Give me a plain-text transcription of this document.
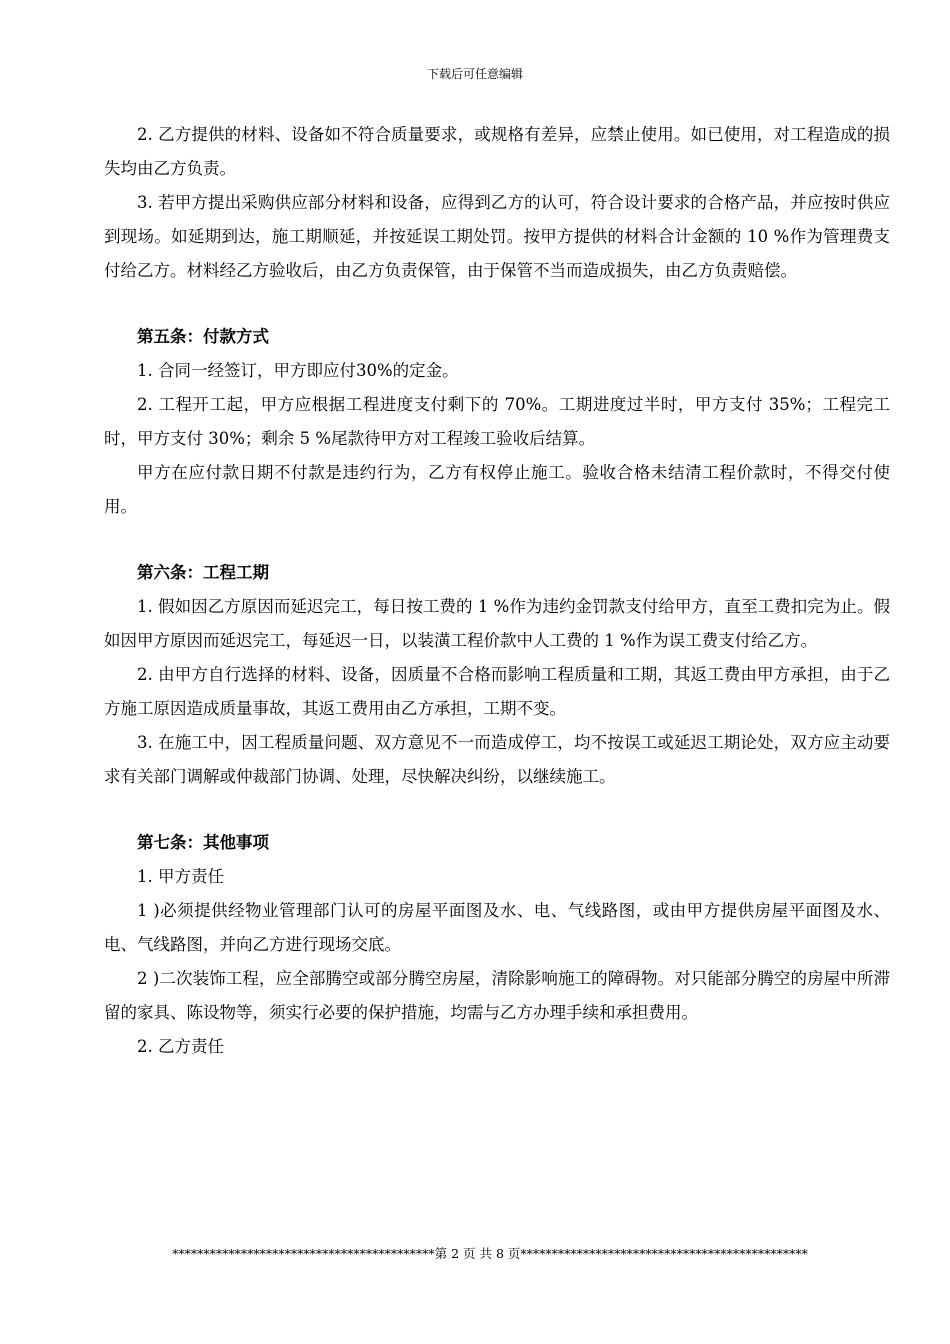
下载后可任意编辑

2. 乙方提供的材料、设备如不符合质量要求，或规格有差异，应禁止使用。如已使用，对工程造成的损失均由乙方负责。

3. 若甲方提出采购供应部分材料和设备，应得到乙方的认可，符合设计要求的合格产品，并应按时供应到现场。如延期到达，施工期顺延，并按延误工期处罚。按甲方提供的材料合计金额的 10 %作为管理费支付给乙方。材料经乙方验收后，由乙方负责保管，由于保管不当而造成损失，由乙方负责赔偿。

第五条：付款方式

1. 合同一经签订，甲方即应付30%的定金。

2. 工程开工起，甲方应根据工程进度支付剩下的 70%。工期进度过半时，甲方支付 35%；工程完工时，甲方支付 30%；剩余 5 %尾款待甲方对工程竣工验收后结算。

甲方在应付款日期不付款是违约行为，乙方有权停止施工。验收合格未结清工程价款时，不得交付使用。

第六条：工程工期

1. 假如因乙方原因而延迟完工，每日按工费的 1 %作为违约金罚款支付给甲方，直至工费扣完为止。假如因甲方原因而延迟完工，每延迟一日，以装潢工程价款中人工费的 1 %作为误工费支付给乙方。

2. 由甲方自行选择的材料、设备，因质量不合格而影响工程质量和工期，其返工费由甲方承担，由于乙方施工原因造成质量事故，其返工费用由乙方承担，工期不变。

3. 在施工中，因工程质量问题、双方意见不一而造成停工，均不按误工或延迟工期论处，双方应主动要求有关部门调解或仲裁部门协调、处理，尽快解决纠纷，以继续施工。

第七条：其他事项

1. 甲方责任

1 )必须提供经物业管理部门认可的房屋平面图及水、电、气线路图，或由甲方提供房屋平面图及水、电、气线路图，并向乙方进行现场交底。

2 )二次装饰工程，应全部腾空或部分腾空房屋，清除影响施工的障碍物。对只能部分腾空的房屋中所滞留的家具、陈设物等，须实行必要的保护措施，均需与乙方办理手续和承担费用。

2. 乙方责任

******************************************第 2 页 共 8 页**********************************************
